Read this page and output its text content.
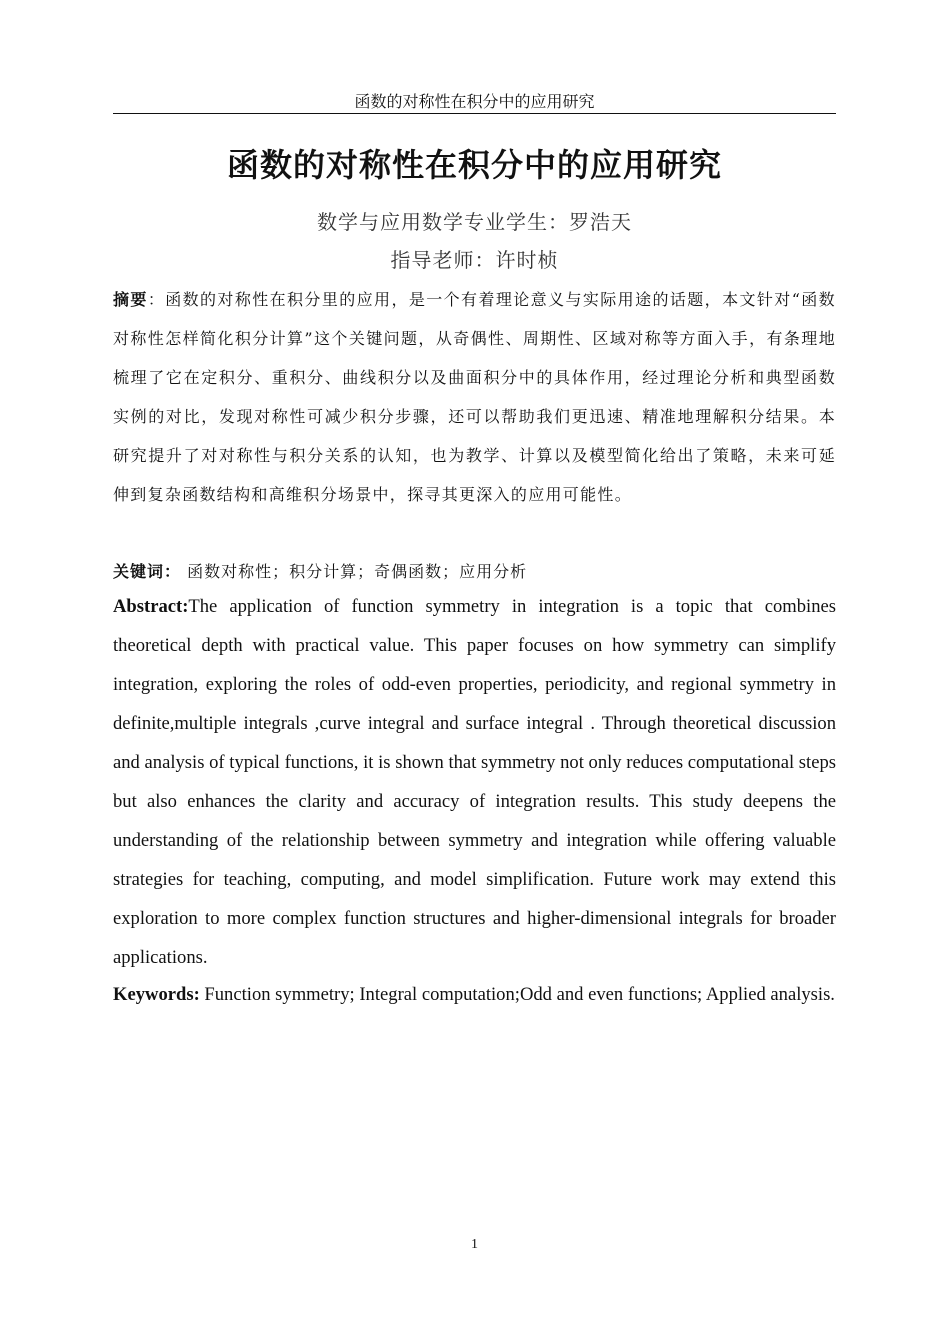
函数的对称性在积分中的应用研究
函数的对称性在积分中的应用研究
数学与应用数学专业学生：罗浩天
指导老师：许时桢
摘要：函数的对称性在积分里的应用，是一个有着理论意义与实际用途的话题，本文针对“函数对称性怎样简化积分计算”这个关键问题，从奇偶性、周期性、区域对称等方面入手，有条理地梳理了它在定积分、重积分、曲线积分以及曲面积分中的具体作用，经过理论分析和典型函数实例的对比，发现对称性可减少积分步骤，还可以帮助我们更迅速、精准地理解积分结果。本研究提升了对对称性与积分关系的认知，也为教学、计算以及模型简化给出了策略，未来可延伸到复杂函数结构和高维积分场景中，探寻其更深入的应用可能性。
关键词： 函数对称性；积分计算；奇偶函数；应用分析
Abstract:The application of function symmetry in integration is a topic that combines theoretical depth with practical value. This paper focuses on how symmetry can simplify integration, exploring the roles of odd-even properties, periodicity, and regional symmetry in definite,multiple integrals ,curve integral and surface integral . Through theoretical discussion and analysis of typical functions, it is shown that symmetry not only reduces computational steps but also enhances the clarity and accuracy of integration results. This study deepens the understanding of the relationship between symmetry and integration while offering valuable strategies for teaching, computing, and model simplification. Future work may extend this exploration to more complex function structures and higher-dimensional integrals for broader applications.
Keywords: Function symmetry; Integral computation;Odd and even functions; Applied analysis.
1
